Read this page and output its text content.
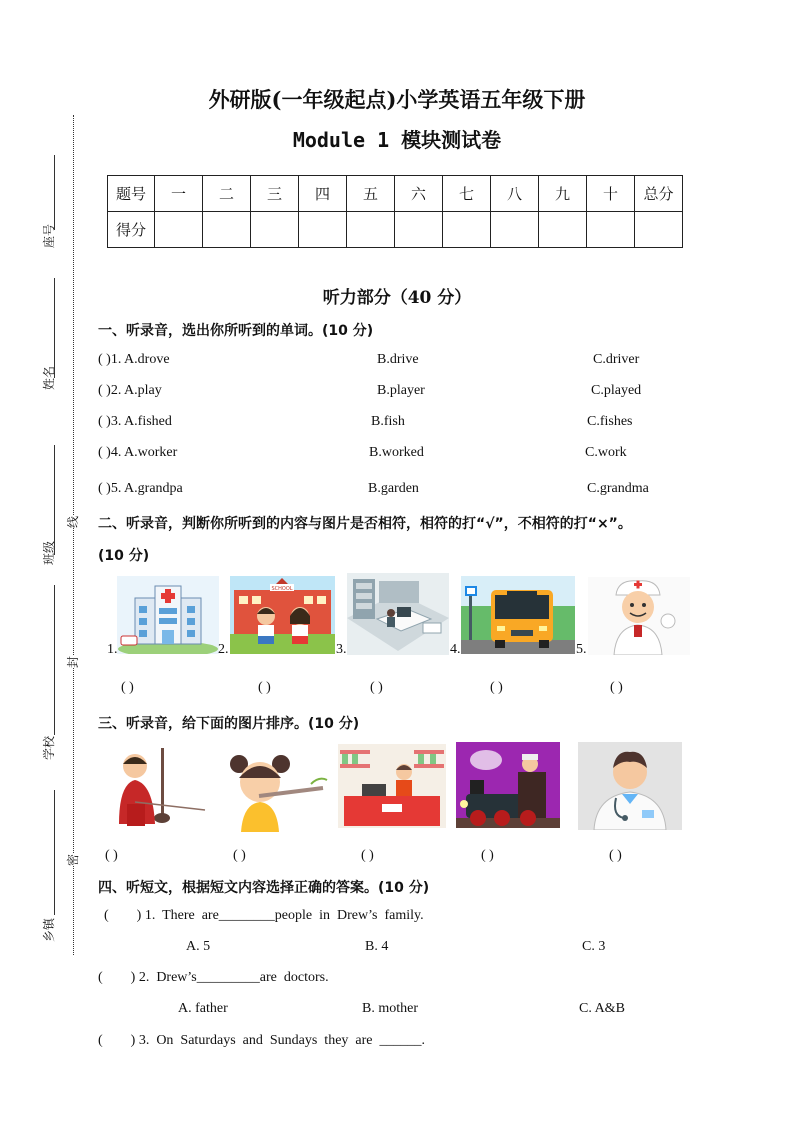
座号
姓名
班级
学校
乡镇
线
封
密
外研版(一年级起点)小学英语五年级下册
Module 1 模块测试卷
题号	一	二	三	四	五	六	七	八	九	十	总分
得分											
听力部分（40 分）
一、听录音，选出你所听到的单词。(10 分)
( )1. A.drove	B.drive	C.driver
( )2. A.play	B.player	C.played
( )3. A.fished	B.fish	C.fishes
( )4. A.worker	B.worked	C.work
( )5. A.grandpa	B.garden	C.grandma
二、听录音，判断你所听到的内容与图片是否相符，相符的打“√”，不相符的打“×”。
(10 分)
SCHOOL
1.	2.	3.	4.	5.
( )	( )	( )	( )	( )
三、听录音，给下面的图片排序。(10 分)
( )	( )	( )	( )	( )
四、听短文，根据短文内容选择正确的答案。(10 分)
(        ) 1.  There  are________people  in  Drew’s  family.
A. 5	B. 4	C. 3
(        ) 2.  Drew’s_________are  doctors.
A. father	B. mother	C. A&B
(        ) 3.  On  Saturdays  and  Sundays  they  are  ______.
